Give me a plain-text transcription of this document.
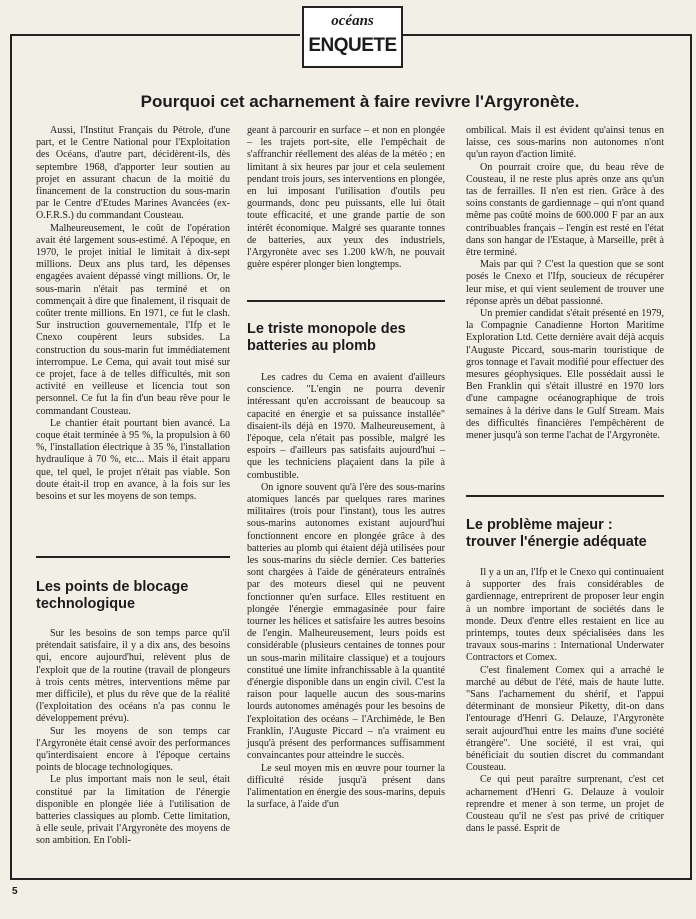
océans
ENQUETE
Pourquoi cet acharnement à faire revivre l'Argyronète.

Aussi, l'Institut Français du Pétrole, d'une part, et le Centre National pour l'Exploitation des Océans, d'autre part, décidèrent-ils, dès septembre 1968, d'apporter leur soutien au projet en assurant chacun de la moitié du financement de la construction du sous-marin par le Centre d'Etudes Marines Avancées (ex-O.F.R.S.) du commandant Cousteau.

Malheureusement, le coût de l'opération avait été largement sous-estimé. A l'époque, en 1970, le projet initial le limitait à dix-sept millions. Deux ans plus tard, les dépenses engagées avaient dépassé vingt millions. Or, le sous-marin n'était pas terminé et on commençait à dire que finalement, il risquait de coûter trente millions. En 1971, ce fut le clash. Sur instruction gouvernementale, l'Ifp et le Cnexo coupèrent leurs subsides. La construction du sous-marin fut immédiatement interrompue. Le Cema, qui avait tout misé sur ce projet, face à de telles difficultés, mit son activité en veilleuse et licencia tout son personnel. Ce fut la fin d'un beau rêve pour le commandant Cousteau.

Le chantier était pourtant bien avancé. La coque était terminée à 95 %, la propulsion à 60 %, l'installation électrique à 35 %, l'installation hydraulique à 70 %, etc... Mais il était apparu que, tel quel, le projet n'était pas viable. Son doute était-il trop en avance, à la fois sur les besoins et sur les moyens de son temps.

Les points de blocage technologique

Sur les besoins de son temps parce qu'il prétendait satisfaire, il y a dix ans, des besoins qui, encore aujourd'hui, relèvent plus de l'exploit que de la routine (travail de plongeurs à trois cents mètres, interventions même par mer difficile), et plus du rêve que de la réalité (l'exploitation des océans n'a pas connu le développement prévu).

Sur les moyens de son temps car l'Argyronète était censé avoir des performances qu'interdisaient encore à l'époque certains points de blocage technologiques.

Le plus important mais non le seul, était constitué par la limitation de l'énergie disponible en plongée liée à l'utilisation de batteries classiques au plomb. Cette limitation, à elle seule, privait l'Argyronète des moyens de son ambition. En l'obli-

geant à parcourir en surface – et non en plongée – les trajets port-site, elle l'empêchait de s'affranchir réellement des aléas de la météo ; en limitant à six heures par jour et cela seulement pendant trois jours, ses interventions en plongée, en lui imposant l'utilisation d'outils peu gourmands, donc peu puissants, elle lui ôtait toute efficacité, et une grande partie de son intérêt économique. Malgré ses quarante tonnes de batteries, aux yeux des industriels, l'Argyronète avec ses 1.200 kW/h, ne pouvait guère espérer plonger bien longtemps.

Le triste monopole des batteries au plomb

Les cadres du Cema en avaient d'ailleurs conscience. "L'engin ne pourra devenir intéressant qu'en accroissant de beaucoup sa capacité en énergie et sa puissance installée" disaient-ils déjà en 1970. Malheureusement, à l'époque, cela n'était pas possible, malgré les espoirs – d'ailleurs pas satisfaits aujourd'hui – que les techniciens plaçaient dans la pile à combustible.

On ignore souvent qu'à l'ère des sous-marins atomiques lancés par quelques rares marines militaires (trois pour l'instant), tous les autres sous-marins autonomes existant aujourd'hui fonctionnent encore en plongée grâce à des batteries au plomb qui étaient déjà utilisées pour les sous-marins du siècle dernier. Ces batteries sont chargées à l'aide de générateurs entraînés par des moteurs diesel qui ne peuvent fonctionner qu'en surface. Elles restituent en plongée l'énergie emmagasinée pour faire tourner les hélices et satisfaire les autres besoins de l'engin. Malheureusement, leurs poids est considérable (plusieurs centaines de tonnes pour un sous-marin militaire classique) et a toujours constitué une limite infranchissable à la quantité d'énergie disponible dans un engin civil. C'est la raison pour laquelle aucun des sous-marins lourds autonomes aménagés pour les besoins de l'exploitation des océans – l'Archimède, le Ben Franklin, l'Auguste Piccard – n'a vraiment eu jusqu'à présent des performances suffisamment convaincantes pour atteindre le succès.

Le seul moyen mis en œuvre pour tourner la difficulté réside jusqu'à présent dans l'alimentation en énergie des sous-marins, depuis la surface, à l'aide d'un

ombilical. Mais il est évident qu'ainsi tenus en laisse, ces sous-marins non autonomes n'ont qu'un rayon d'action limité.

On pourrait croire que, du beau rêve de Cousteau, il ne reste plus après onze ans qu'un tas de ferrailles. Il n'en est rien. Grâce à des soins constants de gardiennage – qui n'ont quand même pas coûté moins de 600.000 F par an aux contribuables français – l'engin est resté en l'état dans son hangar de l'Estaque, à Marseille, prêt à être terminé.

Mais par qui ? C'est la question que se sont posés le Cnexo et l'Ifp, soucieux de récupérer leur mise, et qui vient seulement de trouver une réponse après un débat passionné.

Un premier candidat s'était présenté en 1979, la Compagnie Canadienne Horton Maritime Exploration Ltd. Cette dernière avait déjà acquis l'Auguste Piccard, sous-marin touristique de gros tonnage et l'avait modifié pour effectuer des mesures géophysiques. Elle possédait aussi le Ben Franklin qui s'était illustré en 1970 lors d'une campagne océanographique de trois semaines à la dérive dans le Gulf Stream. Mais des difficultés financières l'empêchèrent de mener jusqu'à son terme l'achat de l'Argyronète.

Le problème majeur : trouver l'énergie adéquate

Il y a un an, l'Ifp et le Cnexo qui continuaient à supporter des frais considérables de gardiennage, entreprirent de proposer leur engin à un nombre important de sociétés dans le monde. Deux d'entre elles restaient en lice au printemps, toutes deux spécialisées dans les travaux sous-marins : International Underwater Contractors et Comex.

C'est finalement Comex qui a arraché le marché au début de l'été, mais de haute lutte. "Sans l'acharnement du shérif, et l'appui déterminant de monsieur Piketty, dit-on dans l'entourage d'Henri G. Delauze, l'Argyronète serait aujourd'hui entre les mains d'une société étrangère". Une société, il est vrai, qui bénéficiait du soutien discret du commandant Cousteau.

Ce qui peut paraître surprenant, c'est cet acharnement d'Henri G. Delauze à vouloir reprendre et mener à son terme, un projet de Cousteau qu'il ne s'est pas privé de critiquer dans le passé. Esprit de

5
